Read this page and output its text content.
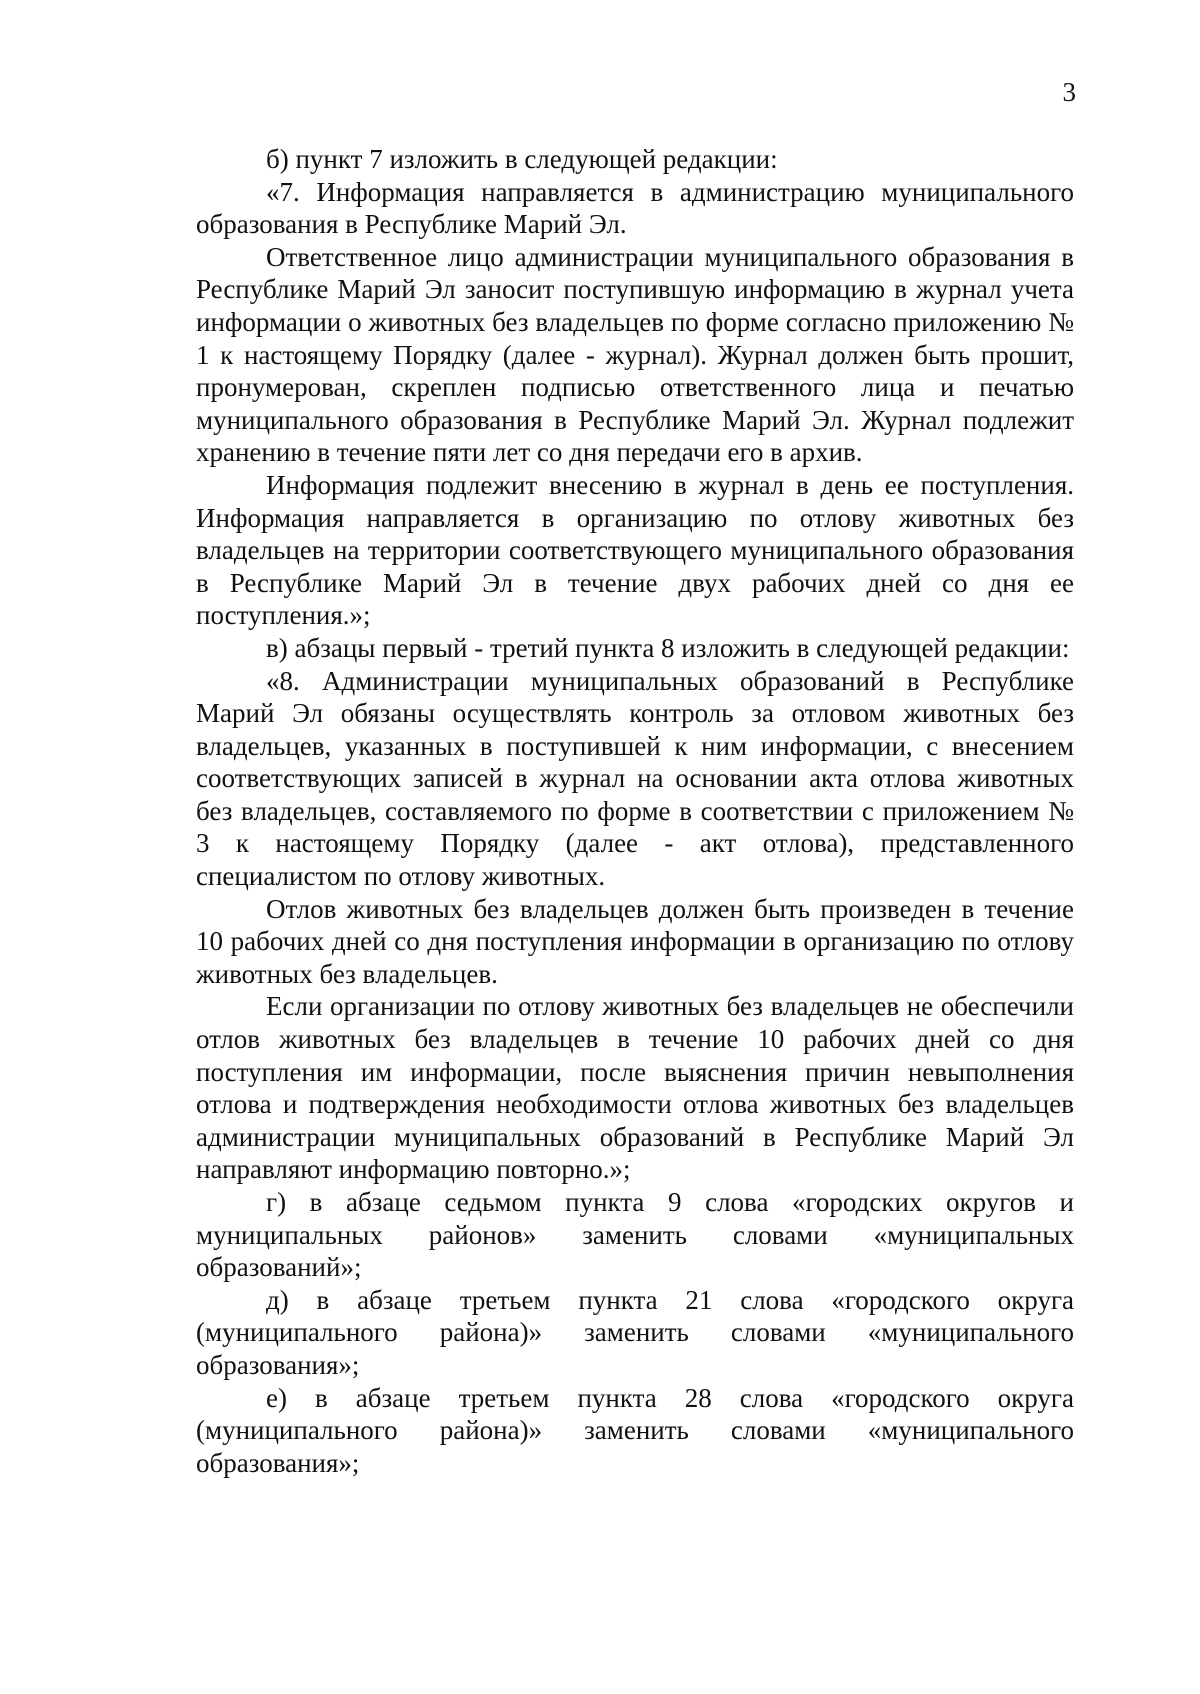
3

б) пункт 7 изложить в следующей редакции:

«7. Информация направляется в администрацию муниципального образования в Республике Марий Эл.

Ответственное лицо администрации муниципального образования в Республике Марий Эл заносит поступившую информацию в журнал учета информации о животных без владельцев по форме согласно приложению № 1 к настоящему Порядку (далее - журнал). Журнал должен быть прошит, пронумерован, скреплен подписью ответственного лица и печатью муниципального образования в Республике Марий Эл. Журнал подлежит хранению в течение пяти лет со дня передачи его в архив.

Информация подлежит внесению в журнал в день ее поступления. Информация направляется в организацию по отлову животных без владельцев на территории соответствующего муниципального образования в Республике Марий Эл в течение двух рабочих дней со дня ее поступления.»;

в) абзацы первый - третий пункта 8 изложить в следующей редакции:

«8. Администрации муниципальных образований в Республике Марий Эл обязаны осуществлять контроль за отловом животных без владельцев, указанных в поступившей к ним информации, с внесением соответствующих записей в журнал на основании акта отлова животных без владельцев, составляемого по форме в соответствии с приложением № 3 к настоящему Порядку (далее - акт отлова), представленного специалистом по отлову животных.

Отлов животных без владельцев должен быть произведен в течение 10 рабочих дней со дня поступления информации в организацию по отлову животных без владельцев.

Если организации по отлову животных без владельцев не обеспечили отлов животных без владельцев в течение 10 рабочих дней со дня поступления им информации, после выяснения причин невыполнения отлова и подтверждения необходимости отлова животных без владельцев администрации муниципальных образований в Республике Марий Эл направляют информацию повторно.»;

г) в абзаце седьмом пункта 9 слова «городских округов и муниципальных районов» заменить словами «муниципальных образований»;

д) в абзаце третьем пункта 21 слова «городского округа (муниципального района)» заменить словами «муниципального образования»;

е) в абзаце третьем пункта 28 слова «городского округа (муниципального района)» заменить словами «муниципального образования»;
